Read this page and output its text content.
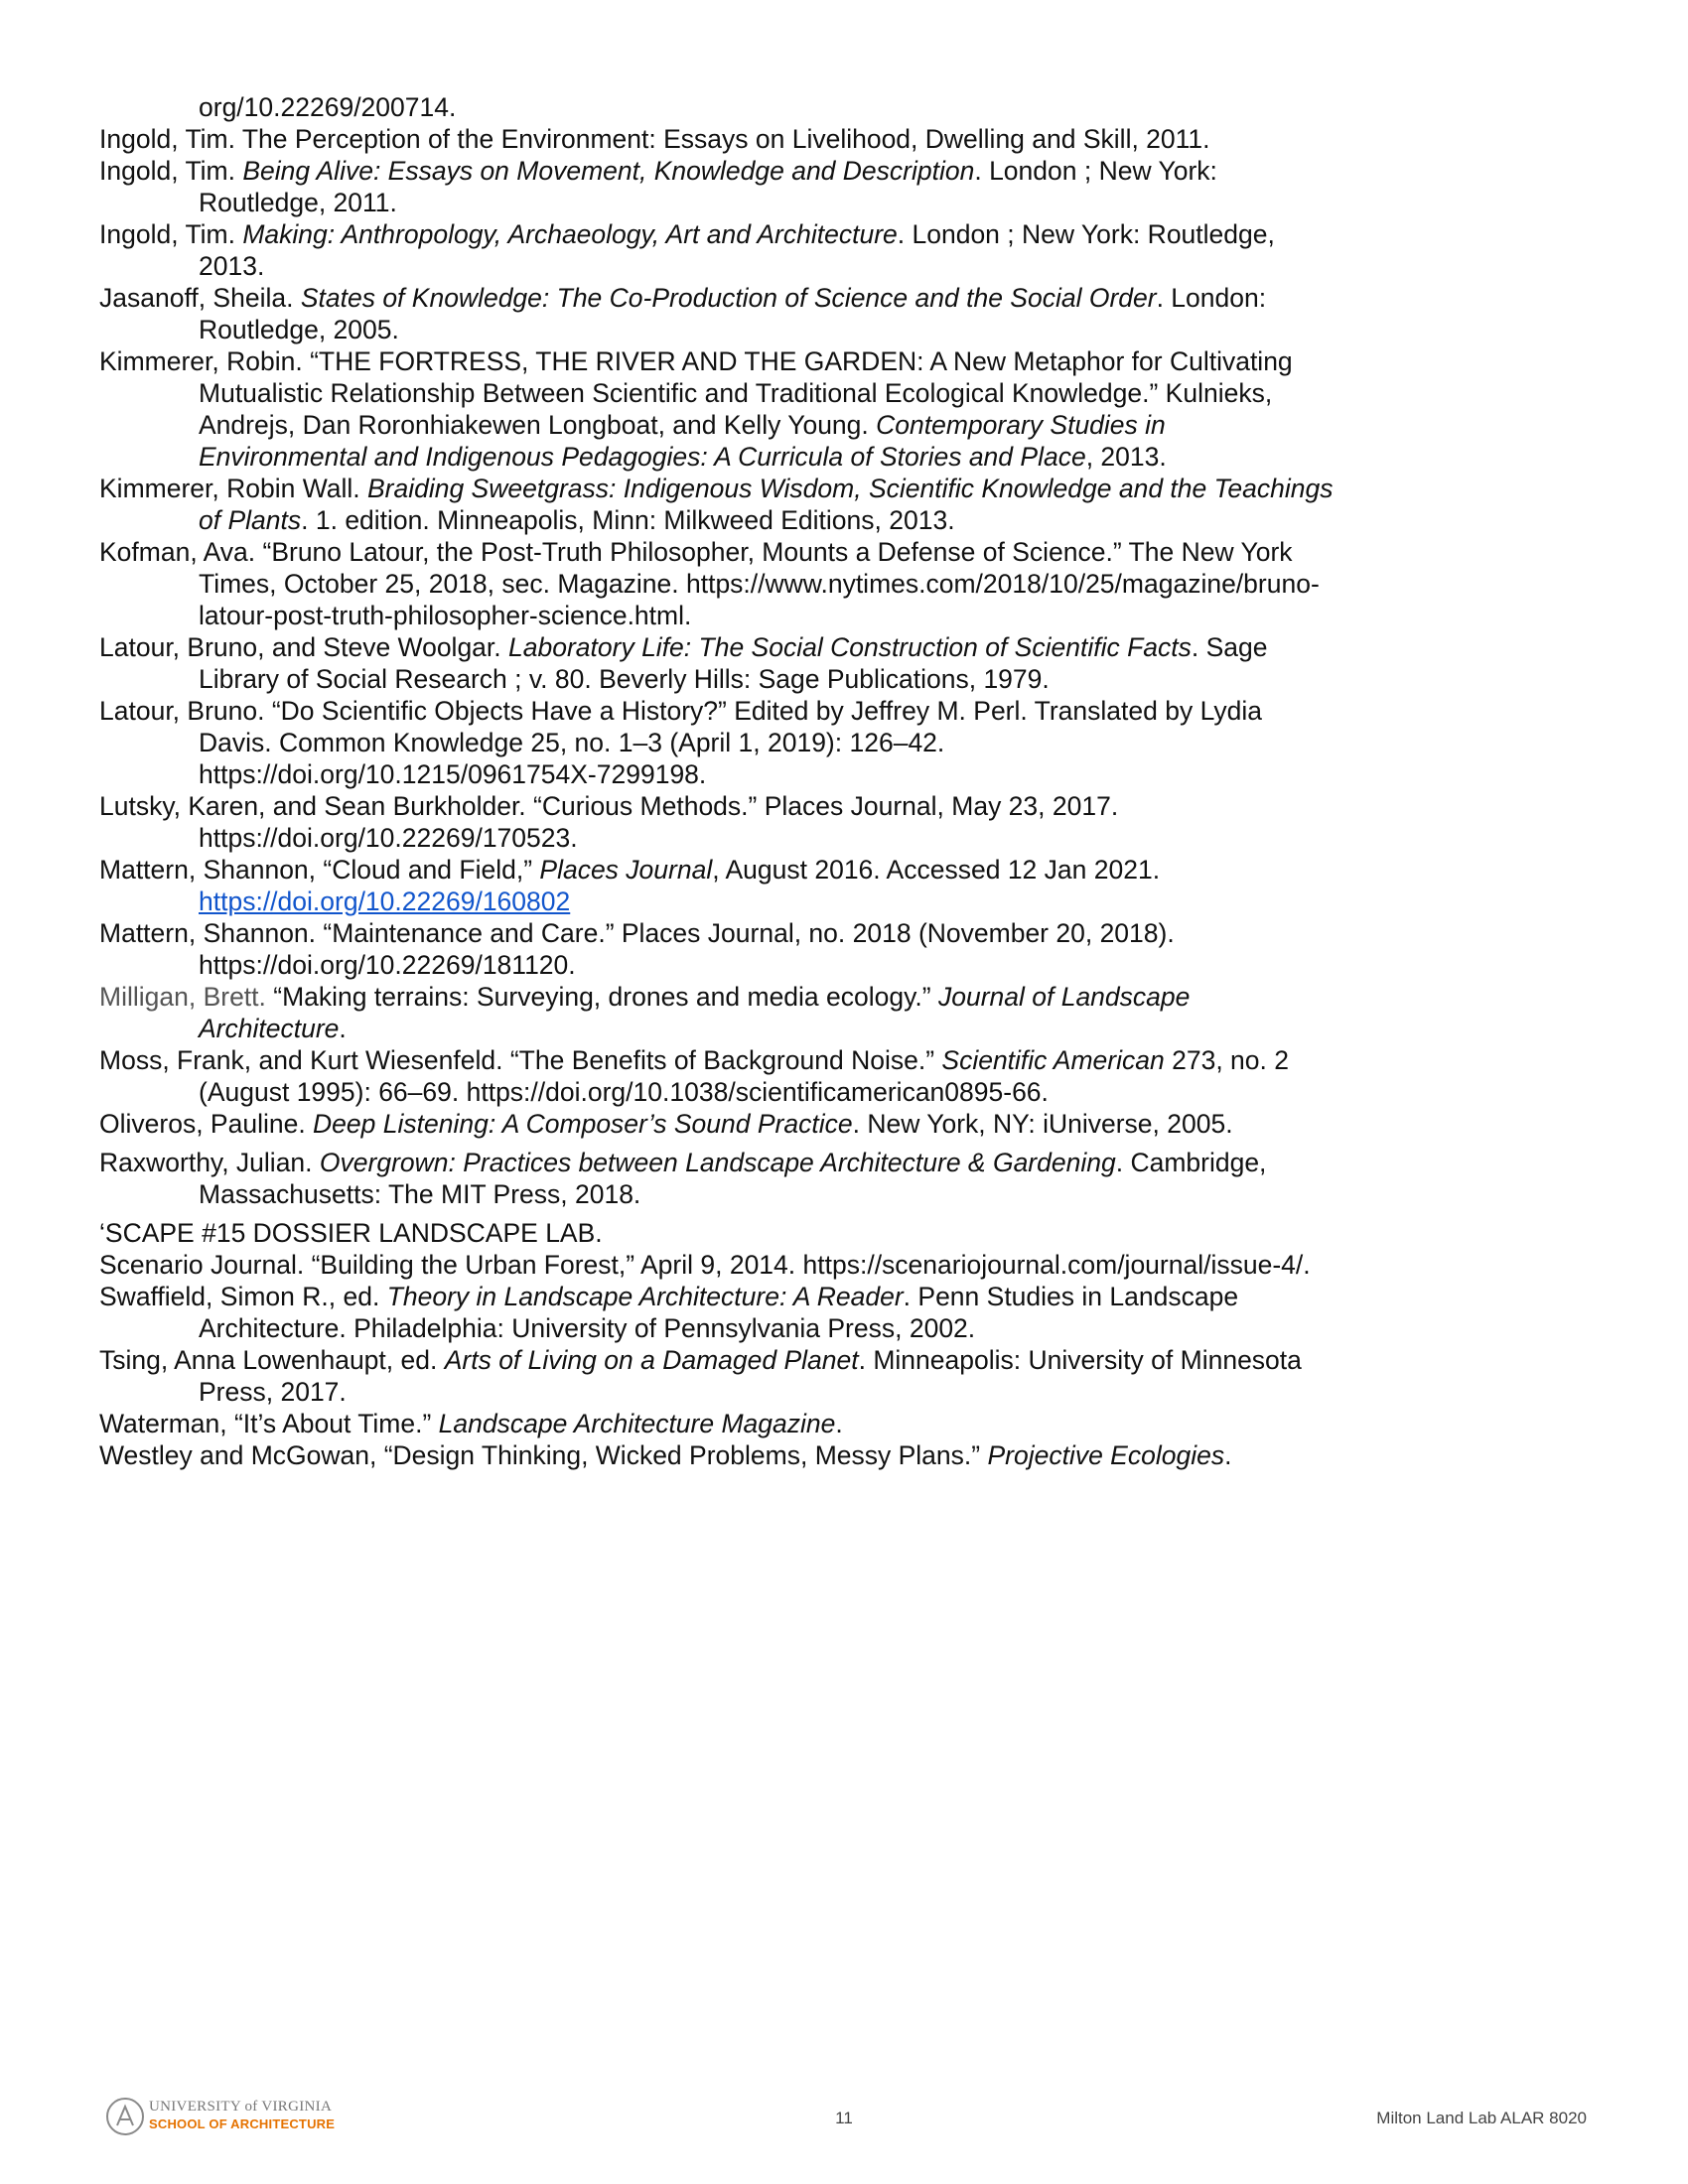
org/10.22269/200714.

Ingold, Tim. The Perception of the Environment: Essays on Livelihood, Dwelling and Skill, 2011.

Ingold, Tim. Being Alive: Essays on Movement, Knowledge and Description. London ; New York: Routledge, 2011.

Ingold, Tim. Making: Anthropology, Archaeology, Art and Architecture. London ; New York: Routledge, 2013.

Jasanoff, Sheila. States of Knowledge: The Co-Production of Science and the Social Order. London: Routledge, 2005.

Kimmerer, Robin. “THE FORTRESS, THE RIVER AND THE GARDEN: A New Metaphor for Cultivating Mutualistic Relationship Between Scientific and Traditional Ecological Knowledge.” Kulnieks, Andrejs, Dan Roronhiakewen Longboat, and Kelly Young. Contemporary Studies in Environmental and Indigenous Pedagogies: A Curricula of Stories and Place, 2013.

Kimmerer, Robin Wall. Braiding Sweetgrass: Indigenous Wisdom, Scientific Knowledge and the Teachings of Plants. 1. edition. Minneapolis, Minn: Milkweed Editions, 2013.

Kofman, Ava. “Bruno Latour, the Post-Truth Philosopher, Mounts a Defense of Science.” The New York Times, October 25, 2018, sec. Magazine. https://www.nytimes.com/2018/10/25/magazine/bruno-latour-post-truth-philosopher-science.html.

Latour, Bruno, and Steve Woolgar. Laboratory Life: The Social Construction of Scientific Facts. Sage Library of Social Research ; v. 80. Beverly Hills: Sage Publications, 1979.

Latour, Bruno. “Do Scientific Objects Have a History?” Edited by Jeffrey M. Perl. Translated by Lydia Davis. Common Knowledge 25, no. 1–3 (April 1, 2019): 126–42. https://doi.org/10.1215/0961754X-7299198.

Lutsky, Karen, and Sean Burkholder. “Curious Methods.” Places Journal, May 23, 2017. https://doi.org/10.22269/170523.

Mattern, Shannon, “Cloud and Field,” Places Journal, August 2016. Accessed 12 Jan 2021. https://doi.org/10.22269/160802

Mattern, Shannon. “Maintenance and Care.” Places Journal, no. 2018 (November 20, 2018). https://doi.org/10.22269/181120.

Milligan, Brett. “Making terrains: Surveying, drones and media ecology.” Journal of Landscape Architecture.

Moss, Frank, and Kurt Wiesenfeld. “The Benefits of Background Noise.” Scientific American 273, no. 2 (August 1995): 66–69. https://doi.org/10.1038/scientificamerican0895-66.

Oliveros, Pauline. Deep Listening: A Composer’s Sound Practice. New York, NY: iUniverse, 2005.

Raxworthy, Julian. Overgrown: Practices between Landscape Architecture & Gardening. Cambridge, Massachusetts: The MIT Press, 2018.

‘SCAPE #15 DOSSIER LANDSCAPE LAB.

Scenario Journal. “Building the Urban Forest,” April 9, 2014. https://scenariojournal.com/journal/issue-4/.

Swaffield, Simon R., ed. Theory in Landscape Architecture: A Reader. Penn Studies in Landscape Architecture. Philadelphia: University of Pennsylvania Press, 2002.

Tsing, Anna Lowenhaupt, ed. Arts of Living on a Damaged Planet. Minneapolis: University of Minnesota Press, 2017.

Waterman, “It’s About Time.” Landscape Architecture Magazine.

Westley and McGowan, “Design Thinking, Wicked Problems, Messy Plans.” Projective Ecologies.

UNIVERSITY of VIRGINIA
SCHOOL OF ARCHITECTURE	11	Milton Land Lab ALAR 8020
